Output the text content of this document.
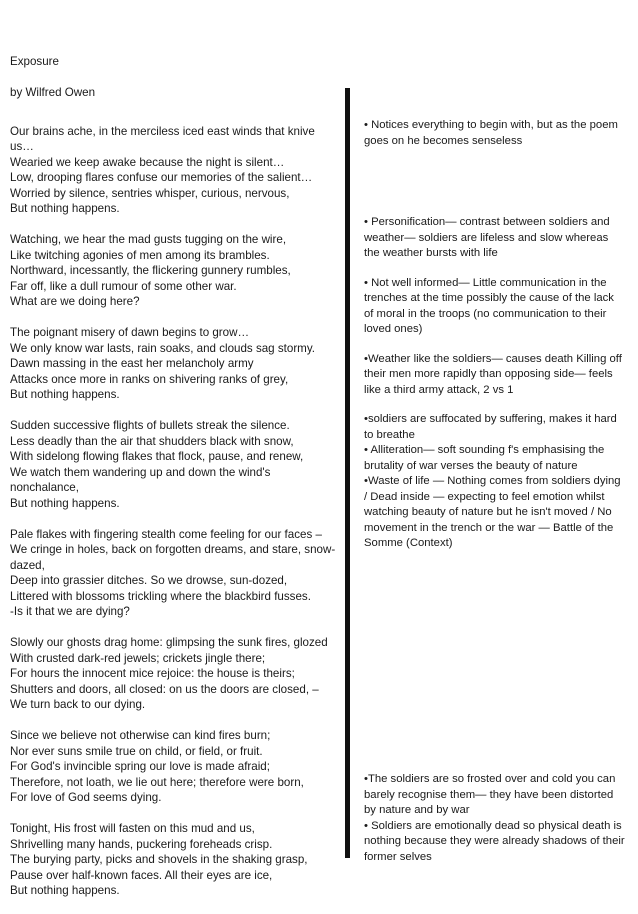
Exposure
by Wilfred Owen
Our brains ache, in the merciless iced east winds that knive us…
Wearied we keep awake because the night is silent…
Low, drooping flares confuse our memories of the salient…
Worried by silence, sentries whisper, curious, nervous,
But nothing happens.
Watching, we hear the mad gusts tugging on the wire,
Like twitching agonies of men among its brambles.
Northward, incessantly, the flickering gunnery rumbles,
Far off, like a dull rumour of some other war.
What are we doing here?
The poignant misery of dawn begins to grow…
We only know war lasts, rain soaks, and clouds sag stormy.
Dawn massing in the east her melancholy army
Attacks once more in ranks on shivering ranks of grey,
But nothing happens.
Sudden successive flights of bullets streak the silence.
Less deadly than the air that shudders black with snow,
With sidelong flowing flakes that flock, pause, and renew,
We watch them wandering up and down the wind's nonchalance,
But nothing happens.
Pale flakes with fingering stealth come feeling for our faces –
We cringe in holes, back on forgotten dreams, and stare, snow-dazed,
Deep into grassier ditches. So we drowse, sun-dozed,
Littered with blossoms trickling where the blackbird fusses.
-Is it that we are dying?
Slowly our ghosts drag home: glimpsing the sunk fires, glozed
With crusted dark-red jewels; crickets jingle there;
For hours the innocent mice rejoice: the house is theirs;
Shutters and doors, all closed: on us the doors are closed, –
We turn back to our dying.
Since we believe not otherwise can kind fires burn;
Nor ever suns smile true on child, or field, or fruit.
For God's invincible spring our love is made afraid;
Therefore, not loath, we lie out here; therefore were born,
For love of God seems dying.
Tonight, His frost will fasten on this mud and us,
Shrivelling many hands, puckering foreheads crisp.
The burying party, picks and shovels in the shaking grasp,
Pause over half-known faces. All their eyes are ice,
But nothing happens.
• Notices everything to begin with, but as the poem goes on he becomes senseless
• Personification— contrast between soldiers and weather— soldiers are lifeless and slow whereas the weather bursts with life
• Not well informed— Little communication in the trenches at the time possibly the cause of the lack of moral in the troops (no communication to their loved ones)
•Weather like the soldiers— causes death Killing off their men more rapidly than opposing side— feels like a third army attack, 2 vs 1
•soldiers are suffocated by suffering, makes it hard to breathe
• Alliteration— soft sounding f's emphasising the brutality of war verses the beauty of nature
•Waste of life — Nothing comes from soldiers dying / Dead inside — expecting to feel emotion whilst watching beauty of nature but he isn't moved / No movement in the trench or the war — Battle of the Somme (Context)
•The soldiers are so frosted over and cold you can barely recognise them— they have been distorted by nature and by war
• Soldiers are emotionally dead so physical death is nothing because they were already shadows of their former selves
